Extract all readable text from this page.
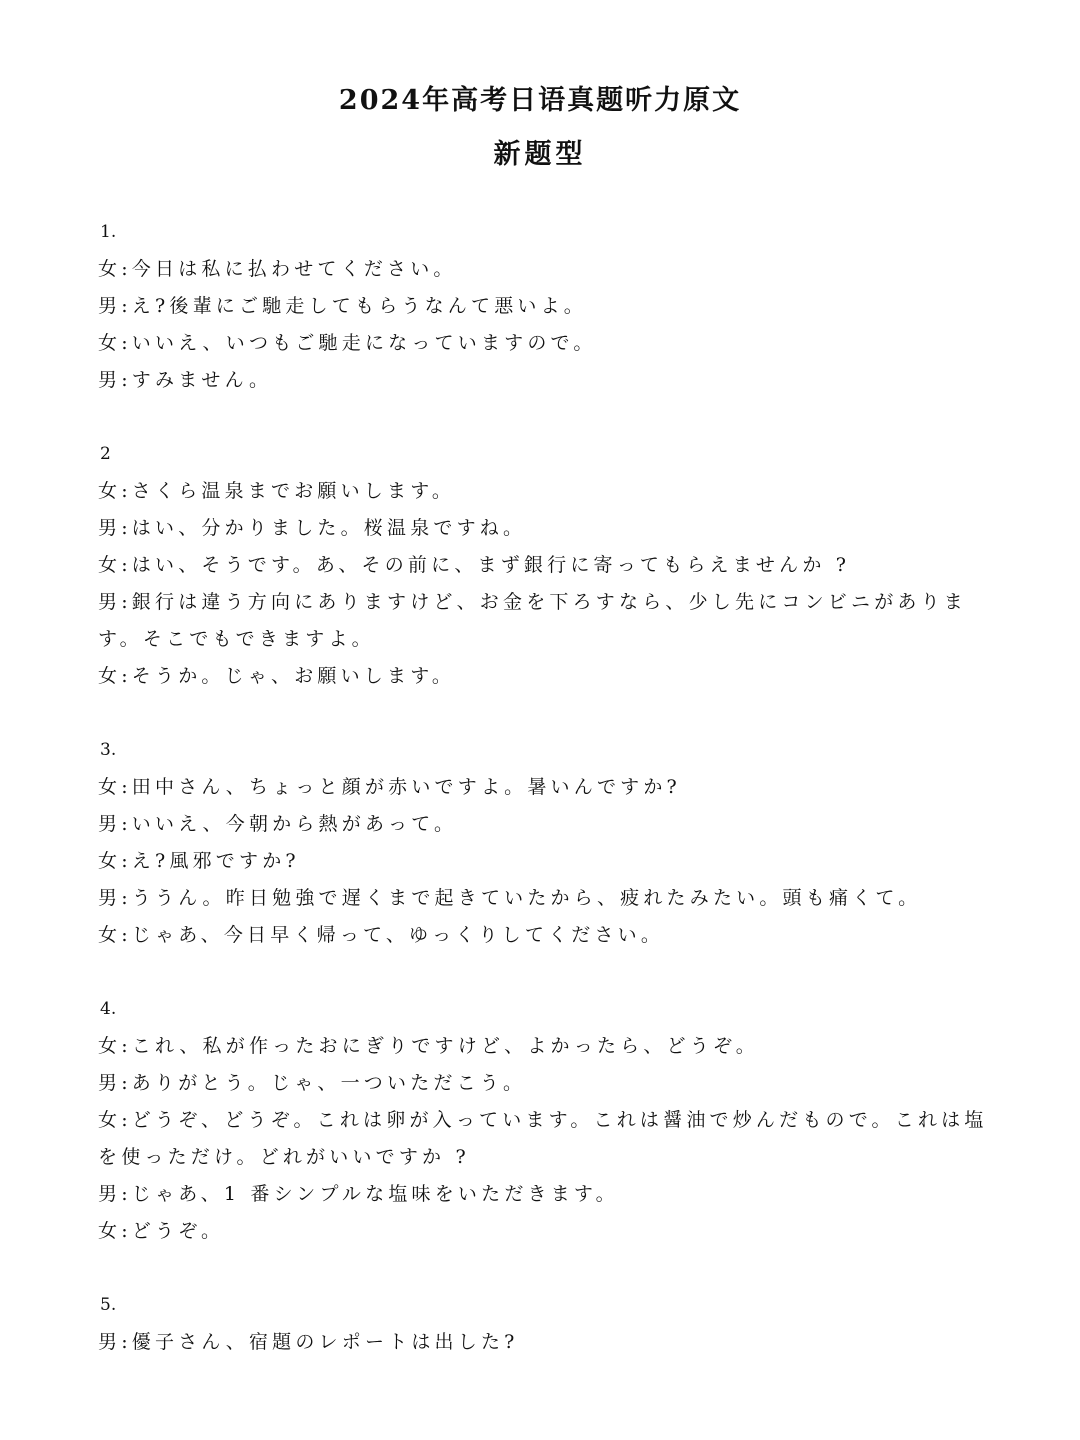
2024年高考日语真题听力原文
新题型
1.
女:今日は私に払わせてください。
男:え?後輩にご馳走してもらうなんて悪いよ。
女:いいえ、いつもご馳走になっていますので。
男:すみません。
2
女:さくら温泉までお願いします。
男:はい、分かりました。桜温泉ですね。
女:はい、そうです。あ、その前に、まず銀行に寄ってもらえませんか ?
男:銀行は違う方向にありますけど、お金を下ろすなら、少し先にコンビニがあります。そこでもできますよ。
女:そうか。じゃ、お願いします。
3.
女:田中さん、ちょっと顔が赤いですよ。暑いんですか?
男:いいえ、今朝から熱があって。
女:え?風邪ですか?
男:ううん。昨日勉強で遅くまで起きていたから、疲れたみたい。頭も痛くて。
女:じゃあ、今日早く帰って、ゆっくりしてください。
4.
女:これ、私が作ったおにぎりですけど、よかったら、どうぞ。
男:ありがとう。じゃ、一ついただこう。
女:どうぞ、どうぞ。これは卵が入っています。これは醤油で炒んだもので。これは塩を使っただけ。どれがいいですか ?
男:じゃあ、1 番シンプルな塩味をいただきます。
女:どうぞ。
5.
男:優子さん、宿題のレポートは出した?
